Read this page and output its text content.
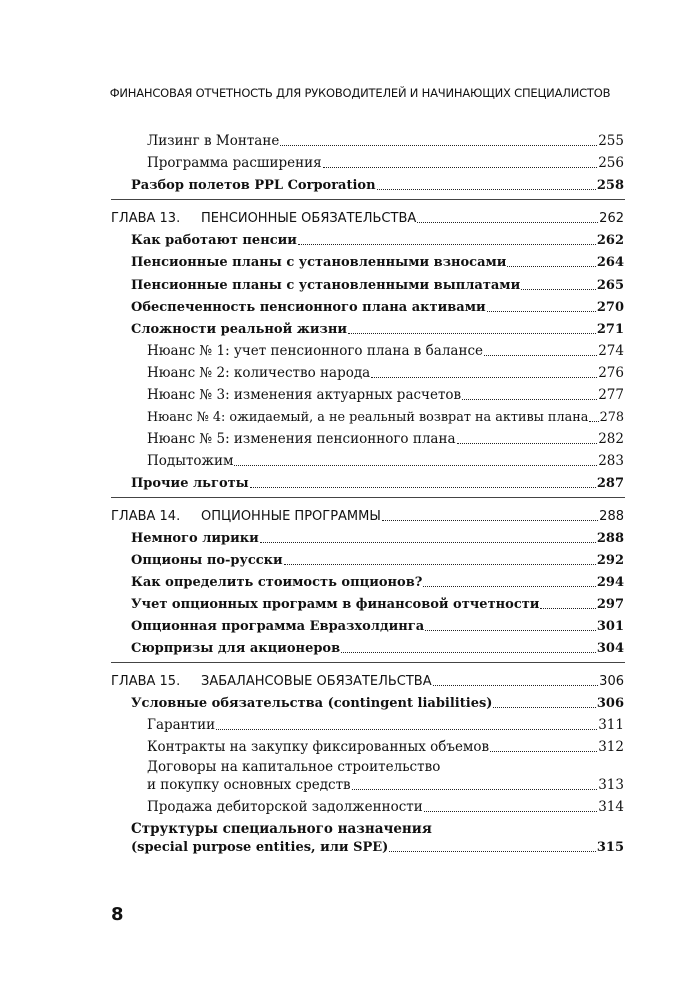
ФИНАНСОВАЯ ОТЧЕТНОСТЬ ДЛЯ РУКОВОДИТЕЛЕЙ И НАЧИНАЮЩИХ СПЕЦИАЛИСТОВ
Лизинг в Монтане	255
Программа расширения	256
Разбор полетов PPL Corporation	258
ГЛАВА 13. ПЕНСИОННЫЕ ОБЯЗАТЕЛЬСТВА	262
Как работают пенсии	262
Пенсионные планы с установленными взносами	264
Пенсионные планы с установленными выплатами	265
Обеспеченность пенсионного плана активами	270
Сложности реальной жизни	271
Нюанс № 1: учет пенсионного плана в балансе	274
Нюанс № 2: количество народа	276
Нюанс № 3: изменения актуарных расчетов	277
Нюанс № 4: ожидаемый, а не реальный возврат на активы плана 278
Нюанс № 5: изменения пенсионного плана	282
Подытожим	283
Прочие льготы	287
ГЛАВА 14. ОПЦИОННЫЕ ПРОГРАММЫ	288
Немного лирики	288
Опционы по-русски	292
Как определить стоимость опционов?	294
Учет опционных программ в финансовой отчетности	297
Опционная программа Евразхолдинга	301
Сюрпризы для акционеров	304
ГЛАВА 15. ЗАБАЛАНСОВЫЕ ОБЯЗАТЕЛЬСТВА	306
Условные обязательства (contingent liabilities)	306
Гарантии	311
Контракты на закупку фиксированных объемов	312
Договоры на капитальное строительство
и покупку основных средств	313
Продажа дебиторской задолженности	314
Структуры специального назначения
(special purpose entities, или SPE)	315
8
